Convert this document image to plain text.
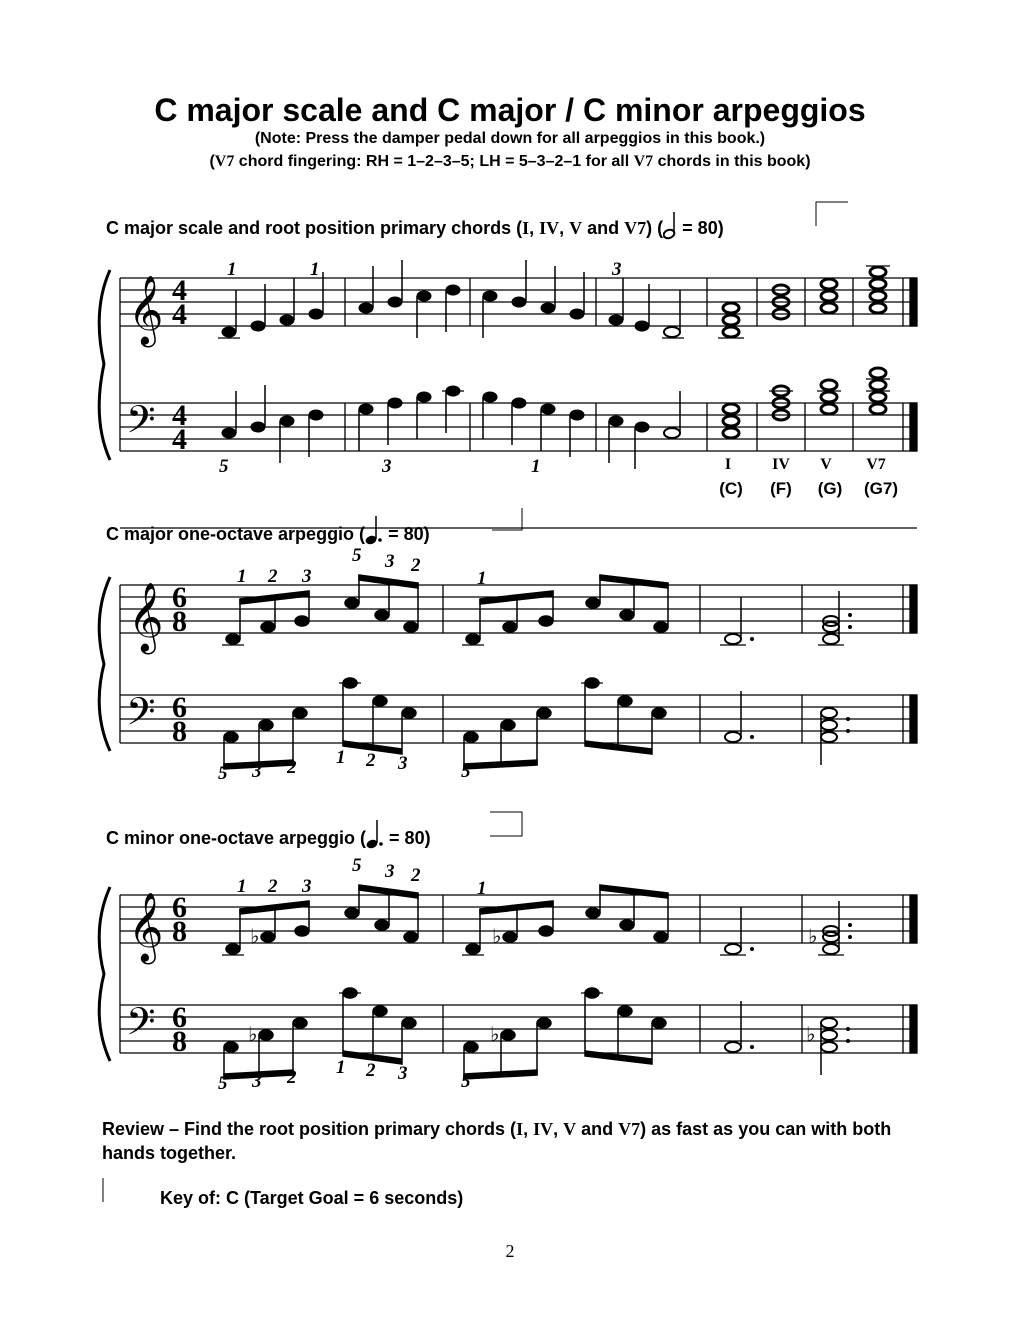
C major scale and C major / C minor arpeggios
(Note: Press the damper pedal down for all arpeggios in this book.)
(V7 chord fingering: RH = 1–2–3–5; LH = 5–3–2–1 for all V7 chords in this book)
C major scale and root position primary chords (I, IV, V and V7) ( = 80)
𝄞
𝄢
4
4
4
4
1	1	3
5	3	1	I	IV	V	V7
(C)	(F)	(G)	(G7)
C major one-octave arpeggio ( = 80)
𝄞
𝄢
6
8
6
8
1 2 3
5 3 2
1
5 3 2 1 2 3	5
C minor one-octave arpeggio ( = 80)
𝄞
𝄢
6
8
6
8
♭	♭	♭
♭	♭	♭
1 2 3
5 3 2
1
5 3 2 1 2 3	5
Review – Find the root position primary chords (I, IV, V and V7) as fast as you can with both hands together.
Key of: C (Target Goal = 6 seconds)
2
